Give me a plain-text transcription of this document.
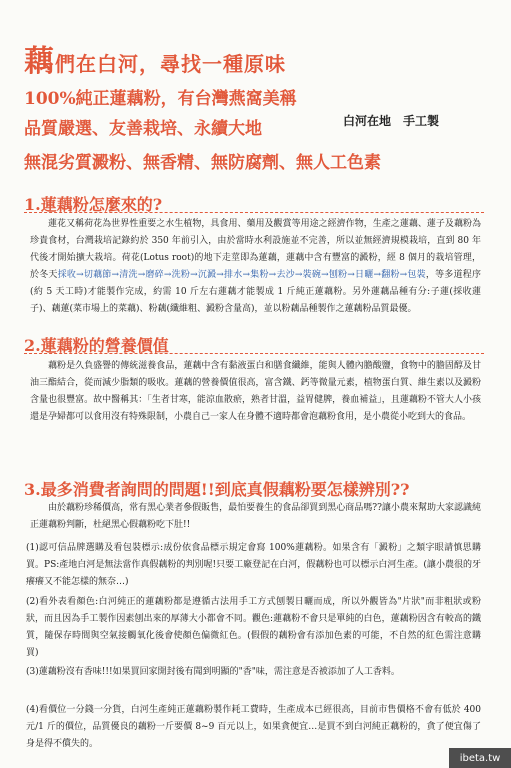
藕們在白河，尋找一種原味
100%純正蓮藕粉，有台灣燕窩美稱
品質嚴選、友善栽培、永續大地	白河在地　手工製
無混劣質澱粉、無香精、無防腐劑、無人工色素
1.蓮藕粉怎麼來的?
　　蓮花又稱荷花為世界性重要之水生植物，具食用、藥用及觀賞等用途之經濟作物，生產之蓮藕、蓮子及藕粉為珍貴食材，台灣栽培記錄約於 350 年前引入，由於當時水利設施並不完善，所以並無經濟規模栽培，直到 80 年代後才開始擴大栽培。荷花(Lotus root)的地下走莖即為蓮藕，蓮藕中含有豐富的澱粉，經 8 個月的栽培管理，於冬天採收→切藕節→清洗→磨碎→洗粉→沉澱→排水→集粉→去沙→裝碗→刨粉→日曬→翻粉→包裝，等多道程序(約 5 天工時)才能製作完成，約需 10 斤左右蓮藕才能製成 1 斤純正蓮藕粉。另外蓮藕品種有分:子蓮(採收蓮子)、藕蓮(菜市場上的菜藕)、粉藕(纖維粗、澱粉含量高)，並以粉藕品種製作之蓮藕粉品質最優。
2.蓮藕粉的營養價值
　　藕粉是久負盛譽的傳統滋養食品，蓮藕中含有黏液蛋白和膳食纖維，能與人體內膽酸鹽，食物中的膽固醇及甘油三酯結合，從而減少脂類的吸收。蓮藕的營養價值很高，富含鐵、鈣等微量元素，植物蛋白質、維生素以及澱粉含量也很豐富。故中醫稱其：「生者甘寒，能涼血散瘀，熟者甘溫，益胃健脾，養血補益」，且蓮藕粉不管大人小孩還是孕婦都可以食用沒有特殊限制，小農自己一家人在身體不適時都會泡藕粉食用，是小農從小吃到大的食品。
3.最多消費者詢問的問題!!到底真假藕粉要怎樣辨別??
　　由於藕粉珍稀價高，常有黑心業者參假販售，最怕要養生的食品卻買到黑心商品嗎??讓小農來幫助大家認識純正蓮藕粉判斷，杜絕黑心假藕粉吃下肚!!
(1)認可信品牌選購及看包裝標示:成份依食品標示規定會寫 100%蓮藕粉。如果含有「澱粉」之類字眼請慎思購買。PS:產地白河是無法當作真假藕粉的判別喔!只要工廠登記在白河，假藕粉也可以標示白河生產。(讓小農很的牙癢癢又不能怎樣的無奈…)
(2)看外表看顏色:白河純正的蓮藕粉都是遵循古法用手工方式刨製日曬而成，所以外觀皆為"片狀"而非粗狀或粉狀，而且因為手工製作因素刨出來的厚薄大小都會不同。觀色:蓮藕粉不會只是單純的白色，蓮藕粉因含有較高的鐵質，隨保存時間與空氣接觸氧化後會使顏色偏微紅色。(假假的藕粉會有添加色素的可能，不自然的紅色需注意購買)
(3)蓮藕粉沒有香味!!!如果買回家開封後有聞到明顯的"香"味，需注意是否被添加了人工香料。
(4)看價位一分錢一分貨，白河生產純正蓮藕粉製作耗工費時，生產成本已經很高，目前市售價格不會有低於 400 元/1 斤的價位，品質優良的藕粉一斤要價 8~9 百元以上，如果貪便宜…是買不到白河純正藕粉的，貪了便宜傷了身是得不償失的。
ibeta.tw
